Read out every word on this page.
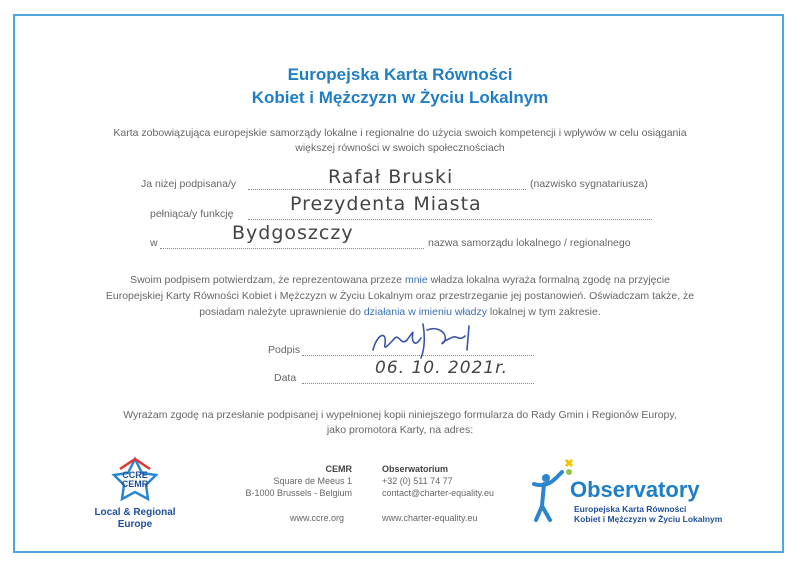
Europejska Karta Równości
Kobiet i Mężczyzn w Życiu Lokalnym
Karta zobowiązująca europejskie samorządy lokalne i regionalne do użycia swoich kompetencji i wpływów w celu osiągania
większej równości w swoich społecznościach
Ja niżej podpisana/y	Rafał Bruski	(nazwisko sygnatariusza)
pełniąca/y funkcję	Prezydenta Miasta
w	Bydgoszczy	nazwa samorządu lokalnego / regionalnego
Swoim podpisem potwierdzam, że reprezentowana przeze mnie władza lokalna wyraża formalną zgodę na przyjęcie
Europejskiej Karty Równości Kobiet i Mężczyzn w Życiu Lokalnym oraz przestrzeganie jej postanowień. Oświadczam także, że
posiadam należyte uprawnienie do działania w imieniu władzy lokalnej w tym zakresie.
Podpis
Data	06. 10. 2021r.
Wyrażam zgodę na przesłanie podpisanej i wypełnionej kopii niniejszego formularza do Rady Gmin i Regionów Europy,
jako promotora Karty, na adres:
CCRE
CEMR
Local & Regional
Europe
CEMR
Square de Meeus 1
B-1000 Brussels - Belgium
www.ccre.org
Obserwatorium
+32 (0) 511 74 77
contact@charter-equality.eu
www.charter-equality.eu
Observatory
Europejska Karta Równości
Kobiet i Mężczyzn w Życiu Lokalnym
